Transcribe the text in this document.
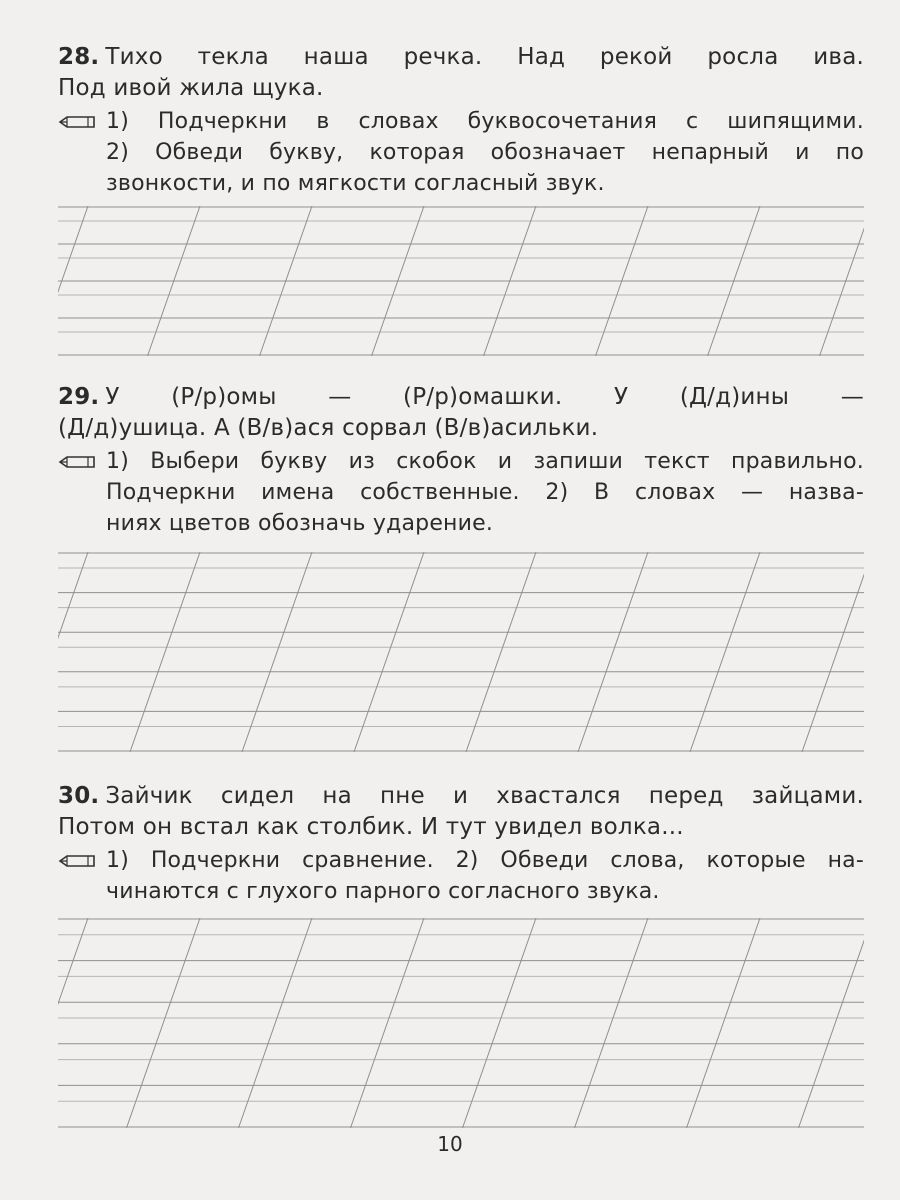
28. Тихо текла наша речка. Над рекой росла ива.
Под ивой жила щука.
1) Подчеркни в словах буквосочетания с шипящими.
2) Обведи букву, которая обозначает непарный и по
звонкости, и по мягкости согласный звук.
29. У (Р/р)омы — (Р/р)омашки. У (Д/д)ины —
(Д/д)ушица. А (В/в)ася сорвал (В/в)асильки.
1) Выбери букву из скобок и запиши текст правильно.
Подчеркни имена собственные. 2) В словах — назва-
ниях цветов обозначь ударение.
30. Зайчик сидел на пне и хвастался перед зайцами.
Потом он встал как столбик. И тут увидел волка...
1) Подчеркни сравнение. 2) Обведи слова, которые на-
чинаются с глухого парного согласного звука.
10
